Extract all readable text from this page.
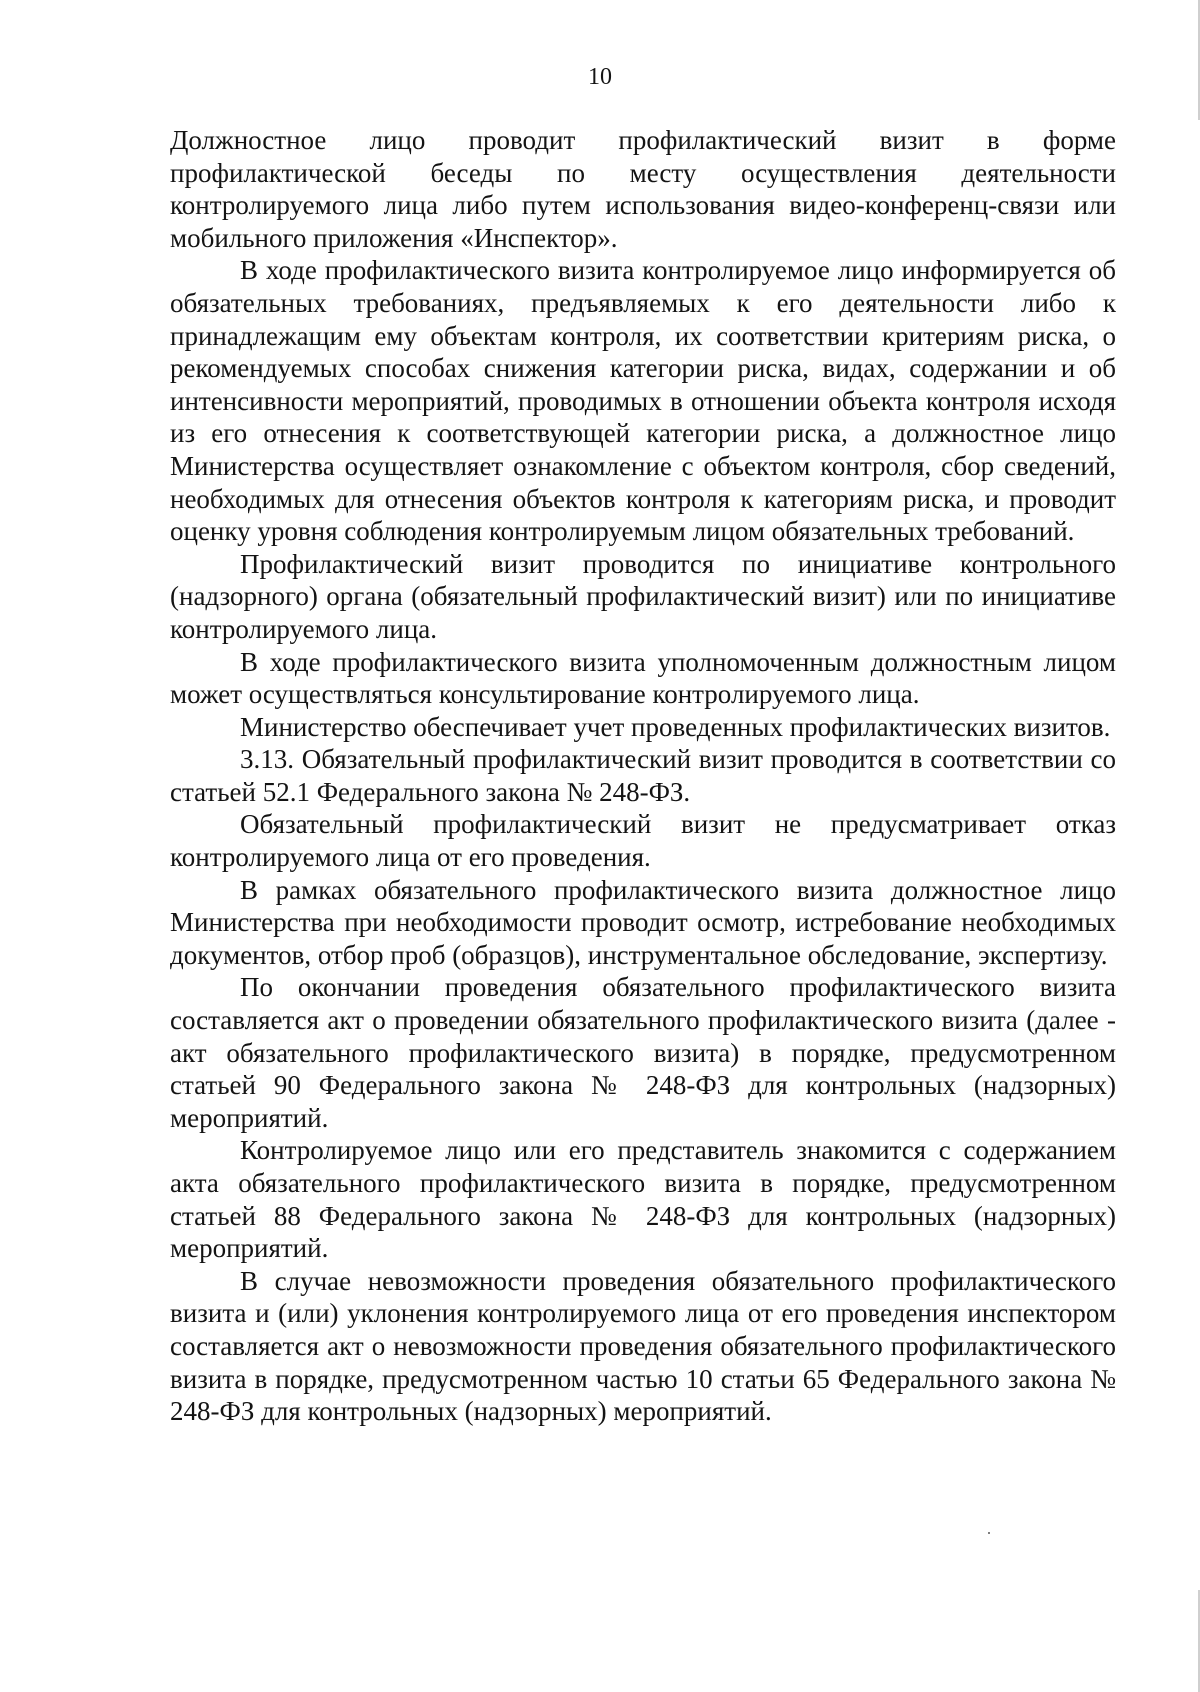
10

Должностное лицо проводит профилактический визит в форме профилактической беседы по месту осуществления деятельности контролируемого лица либо путем использования видео-конференц-связи или мобильного приложения «Инспектор».

В ходе профилактического визита контролируемое лицо информируется об обязательных требованиях, предъявляемых к его деятельности либо к принадлежащим ему объектам контроля, их соответствии критериям риска, о рекомендуемых способах снижения категории риска, видах, содержании и об интенсивности мероприятий, проводимых в отношении объекта контроля исходя из его отнесения к соответствующей категории риска, а должностное лицо Министерства осуществляет ознакомление с объектом контроля, сбор сведений, необходимых для отнесения объектов контроля к категориям риска, и проводит оценку уровня соблюдения контролируемым лицом обязательных требований.

Профилактический визит проводится по инициативе контрольного (надзорного) органа (обязательный профилактический визит) или по инициативе контролируемого лица.

В ходе профилактического визита уполномоченным должностным лицом может осуществляться консультирование контролируемого лица.

Министерство обеспечивает учет проведенных профилактических визитов.

3.13. Обязательный профилактический визит проводится в соответствии со статьей 52.1 Федерального закона № 248-ФЗ.

Обязательный профилактический визит не предусматривает отказ контролируемого лица от его проведения.

В рамках обязательного профилактического визита должностное лицо Министерства при необходимости проводит осмотр, истребование необходимых документов, отбор проб (образцов), инструментальное обследование, экспертизу.

По окончании проведения обязательного профилактического визита составляется акт о проведении обязательного профилактического визита (далее - акт обязательного профилактического визита) в порядке, предусмотренном статьей 90 Федерального закона № 248-ФЗ для контрольных (надзорных) мероприятий.

Контролируемое лицо или его представитель знакомится с содержанием акта обязательного профилактического визита в порядке, предусмотренном статьей 88 Федерального закона № 248-ФЗ для контрольных (надзорных) мероприятий.

В случае невозможности проведения обязательного профилактического визита и (или) уклонения контролируемого лица от его проведения инспектором составляется акт о невозможности проведения обязательного профилактического визита в порядке, предусмотренном частью 10 статьи 65 Федерального закона № 248-ФЗ для контрольных (надзорных) мероприятий.
